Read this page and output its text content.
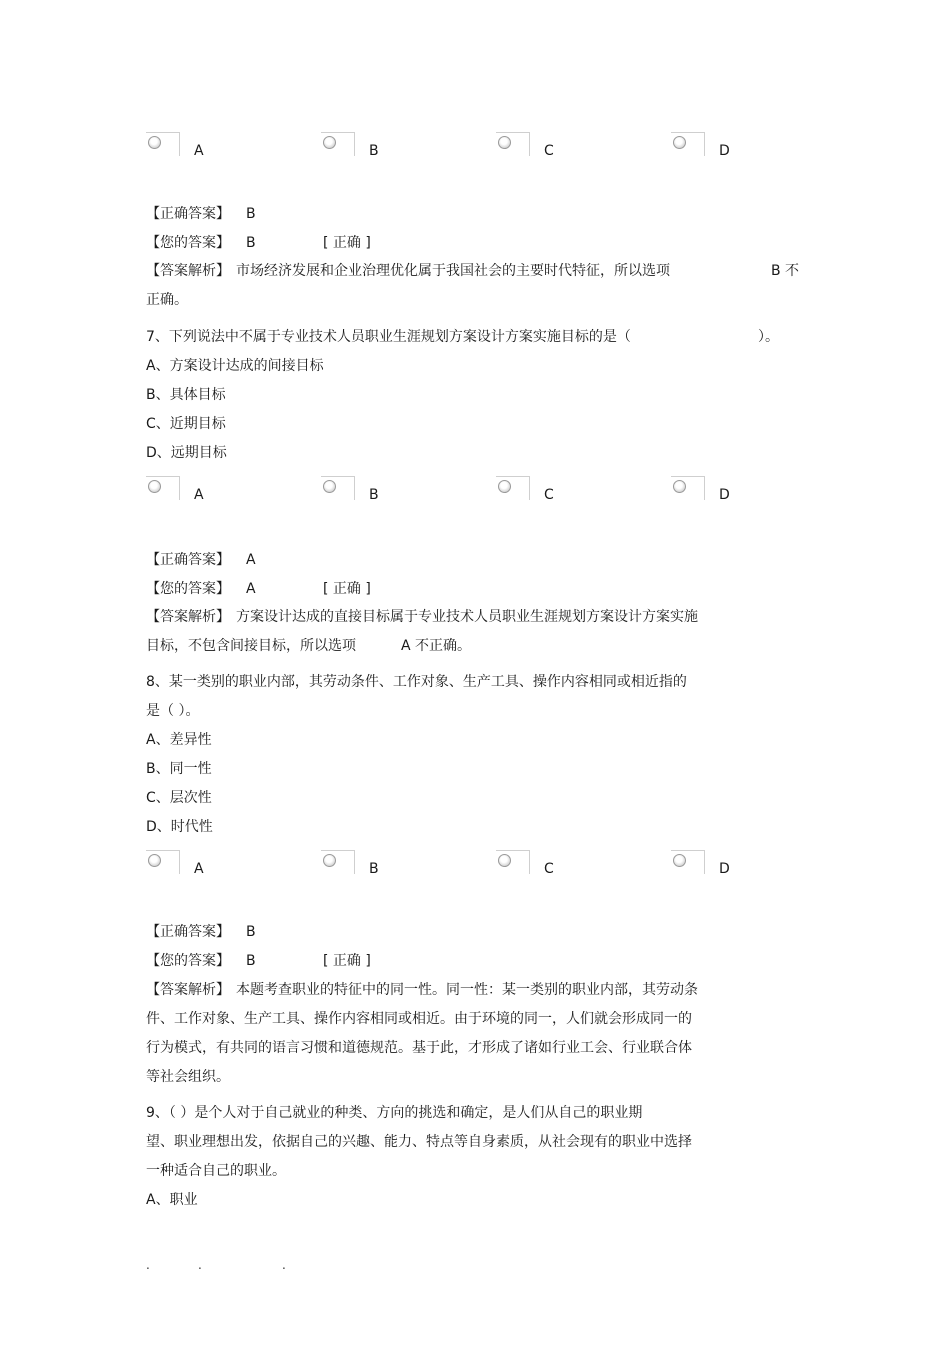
A	B	C	D
【正确答案】 B
【您的答案】 B	[ 正确 ]
【答案解析】 市场经济发展和企业治理优化属于我国社会的主要时代特征，所以选项	B 不
正确。
7、下列说法中不属于专业技术人员职业生涯规划方案设计方案实施目标的是（	）。
A、方案设计达成的间接目标
B、具体目标
C、近期目标
D、远期目标
A	B	C	D
【正确答案】 A
【您的答案】 A	[ 正确 ]
【答案解析】 方案设计达成的直接目标属于专业技术人员职业生涯规划方案设计方案实施
目标，不包含间接目标，所以选项	A 不正确。
8、某一类别的职业内部，其劳动条件、工作对象、生产工具、操作内容相同或相近指的
是（ ）。
A、差异性
B、同一性
C、层次性
D、时代性
A	B	C	D
【正确答案】 B
【您的答案】 B	[ 正确 ]
【答案解析】 本题考查职业的特征中的同一性。同一性：某一类别的职业内部，其劳动条
件、工作对象、生产工具、操作内容相同或相近。由于环境的同一，人们就会形成同一的
行为模式，有共同的语言习惯和道德规范。基于此，才形成了诸如行业工会、行业联合体
等社会组织。
9、（ ）是个人对于自己就业的种类、方向的挑选和确定，是人们从自己的职业期
望、职业理想出发，依据自己的兴趣、能力、特点等自身素质，从社会现有的职业中选择
一种适合自己的职业。
A、职业
.	.	.
